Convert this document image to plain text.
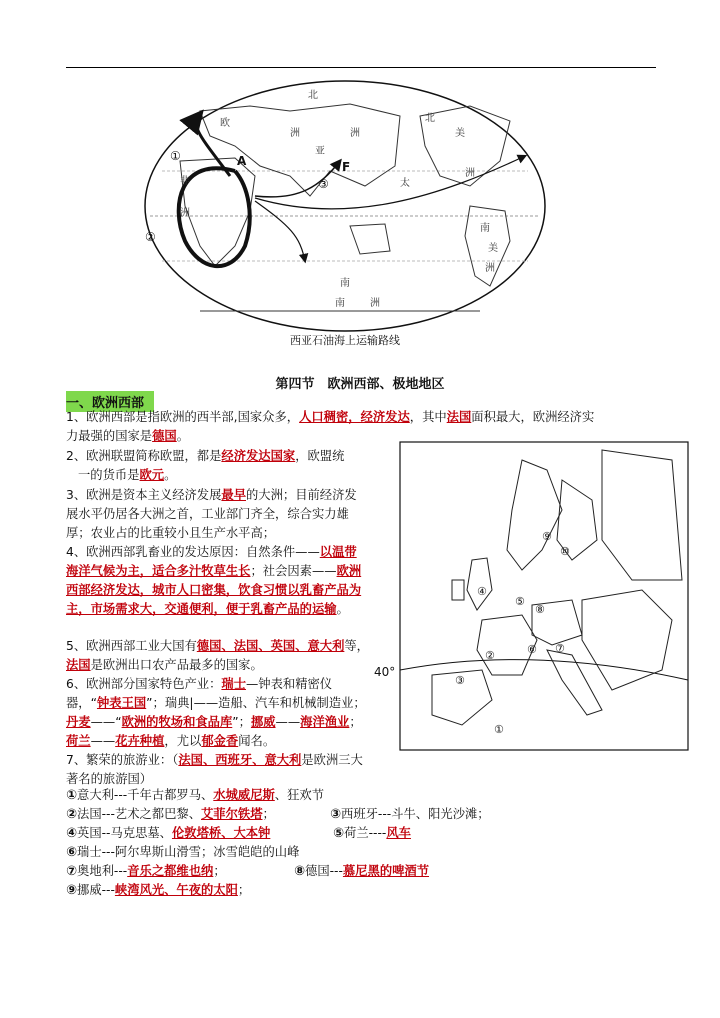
北
欧
洲
亚
洲
非
洲
北
美
洲
南
美
洲
太
南
南	洲
①
②
③
A	F
西亚石油海上运输路线
第四节　欧洲西部、极地地区
一、欧洲西部
1、欧洲西部是指欧洲的西半部,国家众多，人口稠密，经济发达，其中法国面积最大，欧洲经济实
力最强的国家是德国。
2、欧洲联盟简称欧盟，都是经济发达国家，欧盟统
一的货币是欧元。
3、欧洲是资本主义经济发展最早的大洲；目前经济发展水平仍居各大洲之首，工业部门齐全，综合实力雄厚；农业占的比重较小且生产水平高；
4、欧洲西部乳畜业的发达原因：自然条件——以温带海洋气候为主，适合多汁牧草生长；社会因素——欧洲西部经济发达，城市人口密集，饮食习惯以乳畜产品为主，市场需求大，交通便利，便于乳畜产品的运输。
5、欧洲西部工业大国有德国、法国、英国、意大利等，　法国是欧洲出口农产品最多的国家。
6、欧洲部分国家特色产业：瑞士—钟表和精密仪器，“钟表王国”；瑞典|——造船、汽车和机械制造业；丹麦——“欧洲的牧场和食品库”；挪威——海洋渔业；荷兰——花卉种植，尤以郁金香闻名。
7、繁荣的旅游业：（法国、西班牙、意大利是欧洲三大著名的旅游国）
40°
①
②
③
④
⑤
⑥ ⑦
⑧
⑨
⑩
①意大利---千年古都罗马、水城威尼斯、狂欢节
②法国---艺术之都巴黎、艾菲尔铁塔；	③西班牙---斗牛、阳光沙滩；
④英国--马克思墓、伦敦塔桥、大本钟	⑤荷兰----风车
⑥瑞士---阿尔卑斯山滑雪；冰雪皑皑的山峰
⑦奥地利---音乐之都维也纳；	⑧德国---慕尼黑的啤酒节
⑨挪威---峡湾风光、午夜的太阳；
